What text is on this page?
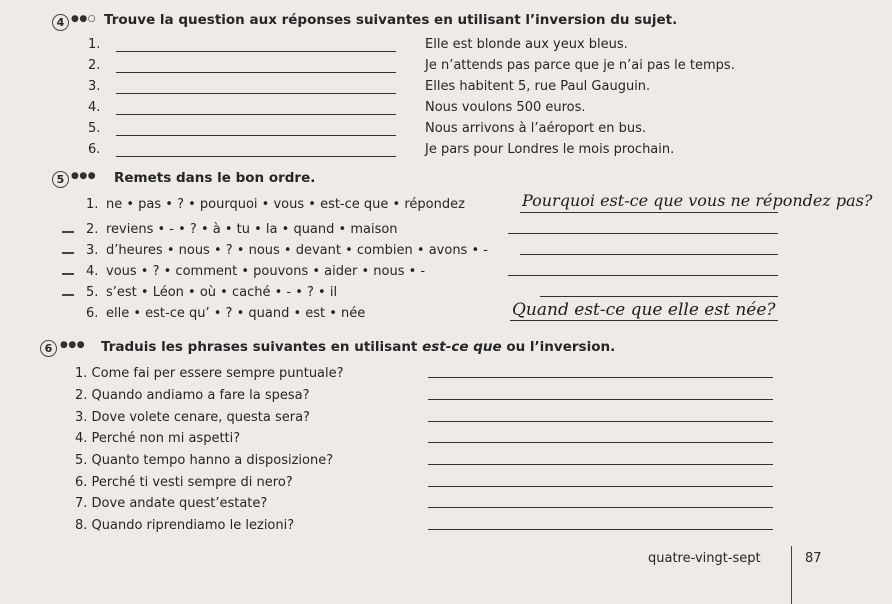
4 ●●○ Trouve la question aux réponses suivantes en utilisant l’inversion du sujet.
1.	Elle est blonde aux yeux bleus.
2.	Je n’attends pas parce que je n’ai pas le temps.
3.	Elles habitent 5, rue Paul Gauguin.
4.	Nous voulons 500 euros.
5.	Nous arrivons à l’aéroport en bus.
6.	Je pars pour Londres le mois prochain.
5 ●●● Remets dans le bon ordre.
1. ne • pas • ? • pourquoi • vous • est-ce que • répondez	Pourquoi est-ce que vous ne répondez pas?
2. reviens • - • ? • à • tu • la • quand • maison
3. d’heures • nous • ? • nous • devant • combien • avons • -
4. vous • ? • comment • pouvons • aider • nous • -
5. s’est • Léon • où • caché • - • ? • il
6. elle • est-ce qu’ • ? • quand • est • née	Quand est-ce que elle est née?
6 ●●● Traduis les phrases suivantes en utilisant est-ce que ou l’inversion.
1. Come fai per essere sempre puntuale?
2. Quando andiamo a fare la spesa?
3. Dove volete cenare, questa sera?
4. Perché non mi aspetti?
5. Quanto tempo hanno a disposizione?
6. Perché ti vesti sempre di nero?
7. Dove andate quest’estate?
8. Quando riprendiamo le lezioni?
quatre-vingt-sept	87
